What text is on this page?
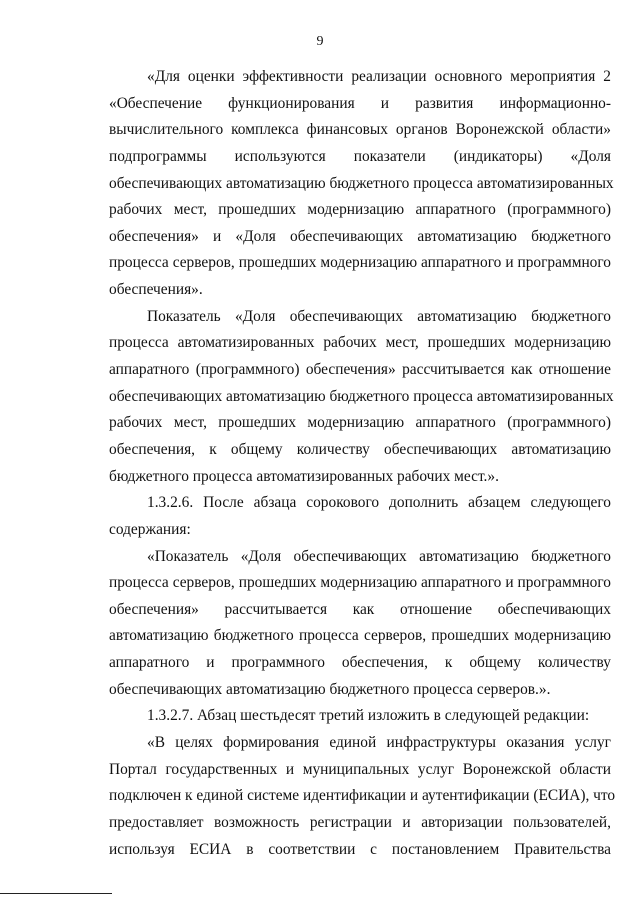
9
«Для оценки эффективности реализации основного мероприятия 2
«Обеспечение функционирования и развития информационно-
вычислительного комплекса финансовых органов Воронежской области»
подпрограммы используются показатели (индикаторы) «Доля
обеспечивающих автоматизацию бюджетного процесса автоматизированных
рабочих мест, прошедших модернизацию аппаратного (программного)
обеспечения» и «Доля обеспечивающих автоматизацию бюджетного
процесса серверов, прошедших модернизацию аппаратного и программного
обеспечения».
Показатель «Доля обеспечивающих автоматизацию бюджетного
процесса автоматизированных рабочих мест, прошедших модернизацию
аппаратного (программного) обеспечения» рассчитывается как отношение
обеспечивающих автоматизацию бюджетного процесса автоматизированных
рабочих мест, прошедших модернизацию аппаратного (программного)
обеспечения, к общему количеству обеспечивающих автоматизацию
бюджетного процесса автоматизированных рабочих мест.».
1.3.2.6. После абзаца сорокового дополнить абзацем следующего
содержания:
«Показатель «Доля обеспечивающих автоматизацию бюджетного
процесса серверов, прошедших модернизацию аппаратного и программного
обеспечения» рассчитывается как отношение обеспечивающих
автоматизацию бюджетного процесса серверов, прошедших модернизацию
аппаратного и программного обеспечения, к общему количеству
обеспечивающих автоматизацию бюджетного процесса серверов.».
1.3.2.7. Абзац шестьдесят третий изложить в следующей редакции:
«В целях формирования единой инфраструктуры оказания услуг
Портал государственных и муниципальных услуг Воронежской области
подключен к единой системе идентификации и аутентификации (ЕСИА), что
предоставляет возможность регистрации и авторизации пользователей,
используя ЕСИА в соответствии с постановлением Правительства
